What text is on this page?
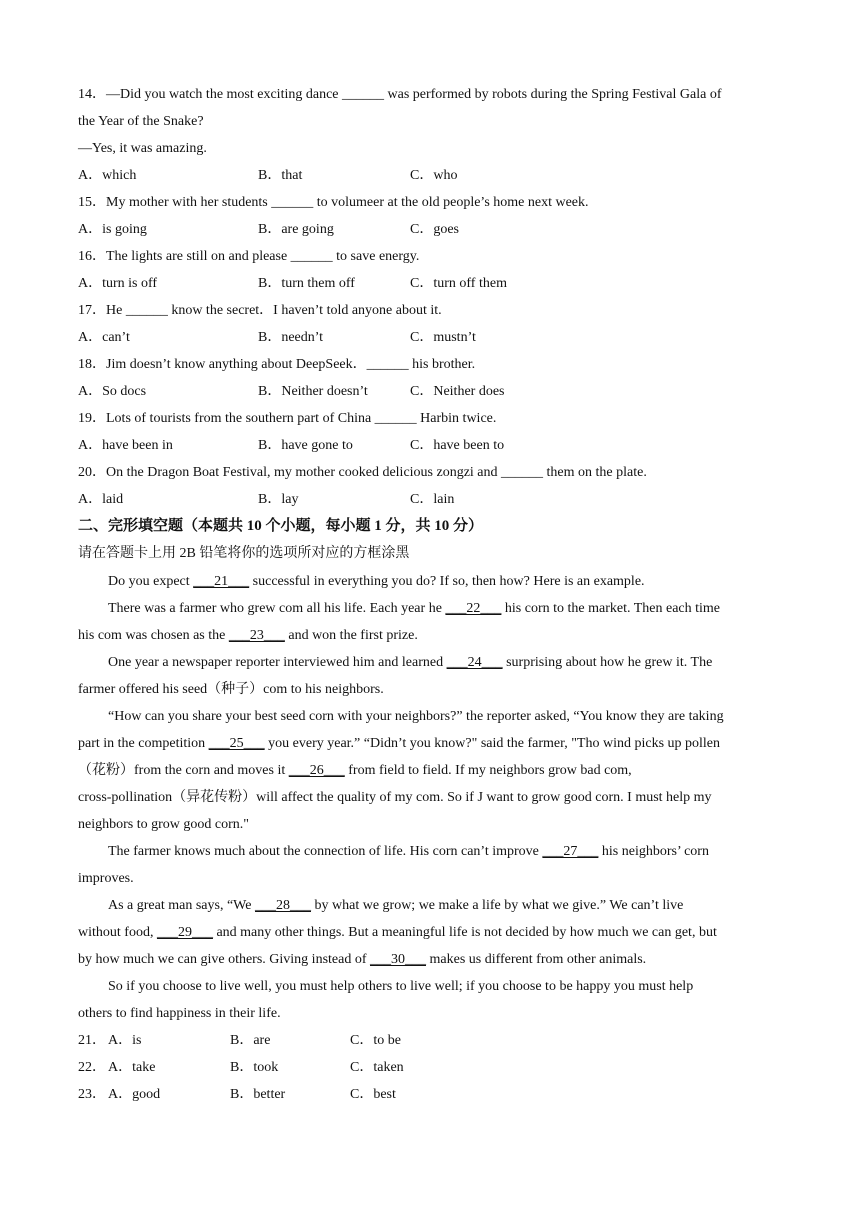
14．—Did you watch the most exciting dance ______ was performed by robots during the Spring Festival Gala of
the Year of the Snake?
—Yes, it was amazing.
A．which	B．that	C．who
15．My mother with her students ______ to volumeer at the old people’s home next week.
A．is going	B．are going	C．goes
16．The lights are still on and please ______ to save energy.
A．turn is off	B．turn them off	C．turn off them
17．He ______ know the secret．I haven’t told anyone about it.
A．can’t	B．needn’t	C．mustn’t
18．Jim doesn’t know anything about DeepSeek．______ his brother.
A．So docs	B．Neither doesn’t	C．Neither does
19．Lots of tourists from the southern part of China ______ Harbin twice.
A．have been in	B．have gone to	C．have been to
20．On the Dragon Boat Festival, my mother cooked delicious zongzi and ______ them on the plate.
A．laid	B．lay	C．lain
二、完形填空题（本题共 10 个小题，每小题 1 分，共 10 分）
请在答题卡上用 2B 铅笔将你的选项所对应的方框涂黑
Do you expect ___21___ successful in everything you do? If so, then how? Here is an example.
There was a farmer who grew com all his life. Each year he ___22___ his corn to the market. Then each time
his com was chosen as the ___23___ and won the first prize.
One year a newspaper reporter interviewed him and learned ___24___ surprising about how he grew it. The
farmer offered his seed（种子）com to his neighbors.
“How can you share your best seed corn with your neighbors?” the reporter asked, “You know they are taking
part in the competition ___25___ you every year.” “Didn’t you know?" said the farmer, "Tho wind picks up pollen
（花粉）from the corn and moves it ___26___ from field to field. If my neighbors grow bad com,
cross-pollination（异花传粉）will affect the quality of my com. So if J want to grow good corn. I must help my
neighbors to grow good corn."
The farmer knows much about the connection of life. His corn can’t improve ___27___ his neighbors’ corn
improves.
As a great man says, “We ___28___ by what we grow; we make a life by what we give.” We can’t live
without food, ___29___ and many other things. But a meaningful life is not decided by how much we can get, but
by how much we can give others. Giving instead of ___30___ makes us different from other animals.
So if you choose to live well, you must help others to live well; if you choose to be happy you must help
others to find happiness in their life.
21． A．is	B．are	C．to be
22． A．take	B．took	C．taken
23． A．good	B．better	C．best
